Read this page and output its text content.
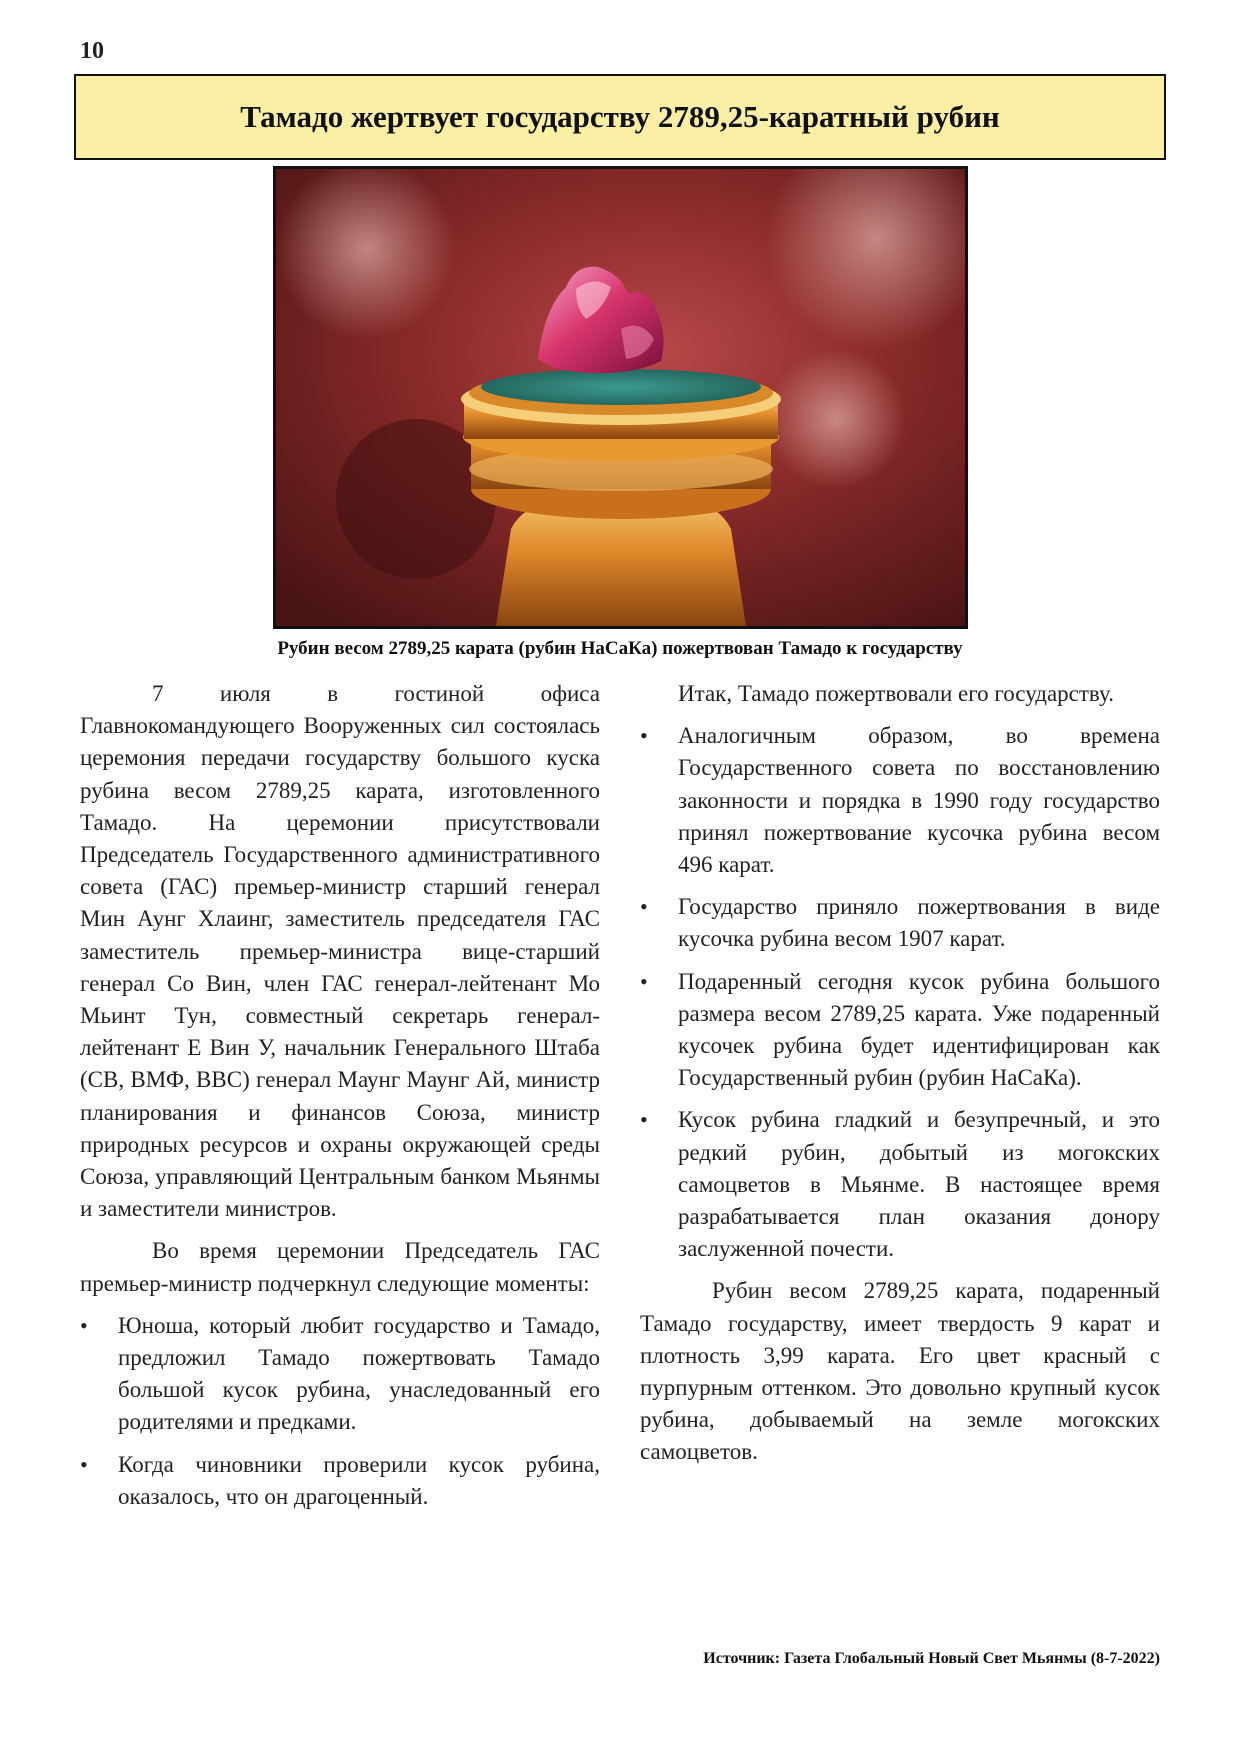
10
Тамадо жертвует государству 2789,25-каратный рубин
Рубин весом 2789,25 карата (рубин НаСаКа) пожертвован Тамадо к государству

7 июля в гостиной офиса Главнокомандующего Вооруженных сил состоялась церемония передачи государству большого куска рубина весом 2789,25 карата, изготовленного Тамадо. На церемонии присутствовали Председатель Государственного административного совета (ГАС) премьер-министр старший генерал Мин Аунг Хлаинг, заместитель председателя ГАС заместитель премьер-министра вице-старший генерал Со Вин, член ГАС генерал-лейтенант Мо Мьинт Тун, совместный секретарь генерал-лейтенант Е Вин У, начальник Генерального Штаба (СВ, ВМФ, ВВС) генерал Маунг Маунг Ай, министр планирования и финансов Союза, министр природных ресурсов и охраны окружающей среды Союза, управляющий Центральным банком Мьянмы и заместители министров.

Во время церемонии Председатель ГАС премьер-министр подчеркнул следующие моменты:

• Юноша, который любит государство и Тамадо, предложил Тамадо пожертвовать Тамадо большой кусок рубина, унаследованный его родителями и предками.
• Когда чиновники проверили кусок рубина, оказалось, что он драгоценный.

Итак, Тамадо пожертвовали его государству.

• Аналогичным образом, во времена Государственного совета по восстановлению законности и порядка в 1990 году государство принял пожертвование кусочка рубина весом 496 карат.
• Государство приняло пожертвования в виде кусочка рубина весом 1907 карат.
• Подаренный сегодня кусок рубина большого размера весом 2789,25 карата. Уже подаренный кусочек рубина будет идентифицирован как Государственный рубин (рубин НаСаКа).
• Кусок рубина гладкий и безупречный, и это редкий рубин, добытый из могокских самоцветов в Мьянме. В настоящее время разрабатывается план оказания донору заслуженной почести.

Рубин весом 2789,25 карата, подаренный Тамадо государству, имеет твердость 9 карат и плотность 3,99 карата. Его цвет красный с пурпурным оттенком. Это довольно крупный кусок рубина, добываемый на земле могокских самоцветов.

Источник: Газета Глобальный Новый Свет Мьянмы (8-7-2022)
